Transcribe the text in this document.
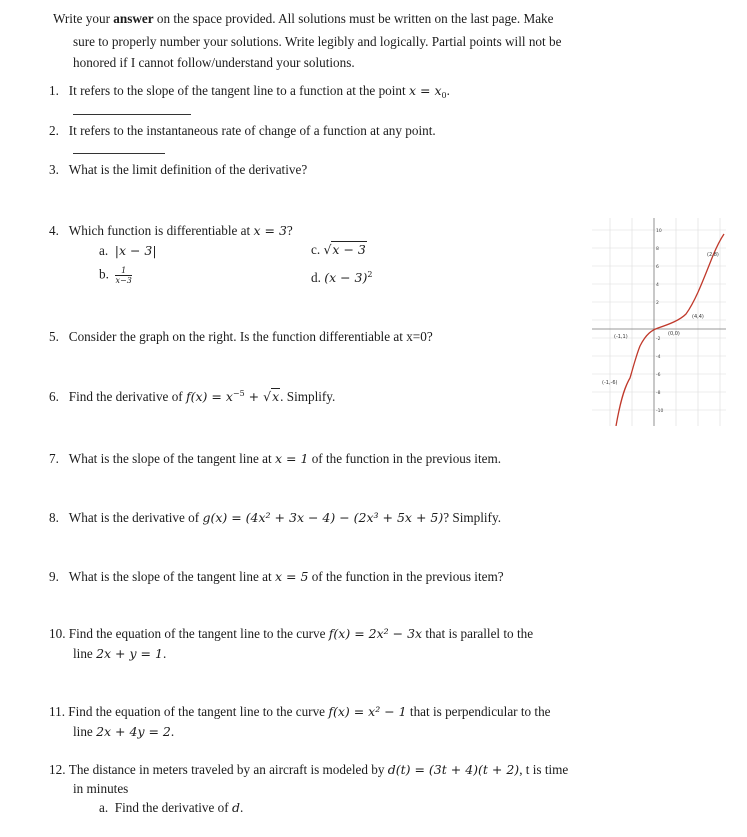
Write your answer on the space provided. All solutions must be written on the last page. Make
sure to properly number your solutions. Write legibly and logically. Partial points will not be
honored if I cannot follow/understand your solutions.
1. It refers to the slope of the tangent line to a function at the point $x = x_0$.
2. It refers to the instantaneous rate of change of a function at any point.
3. What is the limit definition of the derivative?
4. Which function is differentiable at x = 3?
a. |x − 3|	c. √x − 3
b. $\frac{1}{x-3}$	d. $(x - 3)^2$
5. Consider the graph on the right. Is the function differentiable at x=0?
6. Find the derivative of $f(x) = x^{-5} + √x$. Simplify.
7. What is the slope of the tangent line at x = 1 of the function in the previous item.
8. What is the derivative of g(x) = (4x² + 3x − 4) − (2x³ + 5x + 5)? Simplify.
9. What is the slope of the tangent line at x = 5 of the function in the previous item?
10. Find the equation of the tangent line to the curve f(x) = 2x² − 3x that is parallel to the
line 2x + y = 1.
11. Find the equation of the tangent line to the curve f(x) = x² − 1 that is perpendicular to the
line 2x + 4y = 2.
12. The distance in meters traveled by an aircraft is modeled by d(t) = (3t + 4)(t + 2), t is time
in minutes
a. Find the derivative of d.
10
8
6
4
2
-2
-4
-6
-8
-10
(2,8)
(4,4)
(-1,1)	(0,0)
(-1,-6)
